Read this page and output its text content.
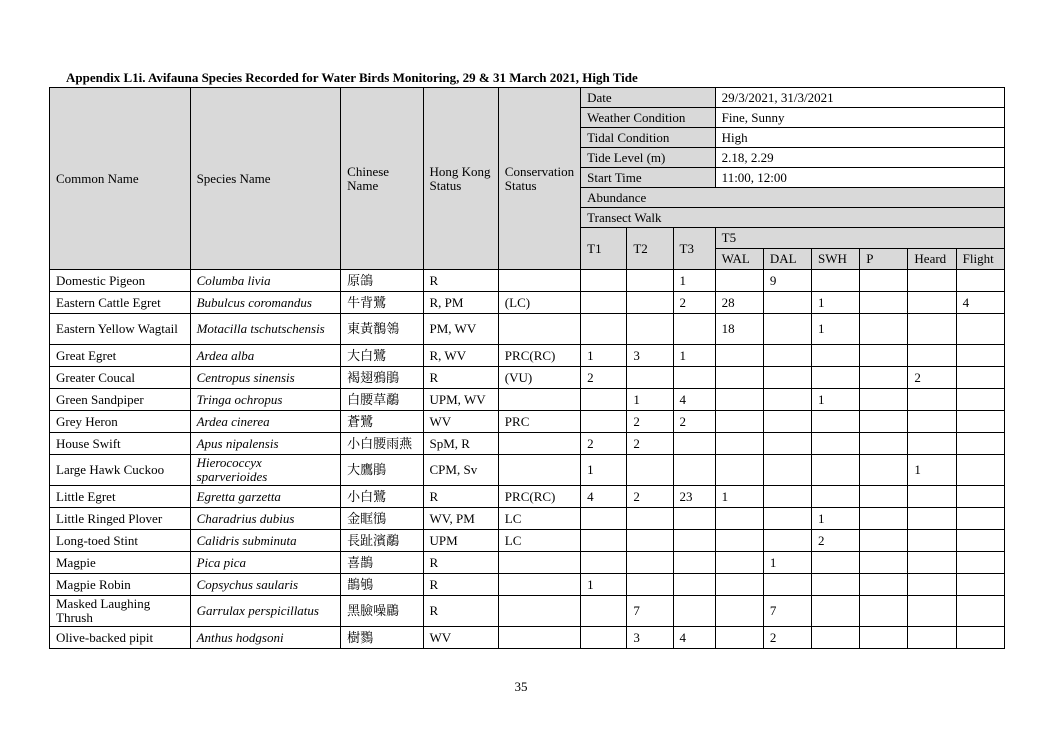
Appendix L1i. Avifauna Species Recorded for Water Birds Monitoring, 29 & 31 March 2021, High Tide
Common Name	Species Name	Chinese Name	Hong Kong Status	Conservation Status	Date			29/3/2021, 31/3/2021					
					Weather Condition			Fine, Sunny					
					Tidal Condition			High					
					Tide Level (m)			2.18, 2.29					
					Start Time			11:00, 12:00					
					Abundance								
					Transect Walk								
					T1	T2	T3	T5					
								WAL	DAL	SWH	P	Heard	Flight
Domestic Pigeon	Columba livia	原鴿	R				1		9				
Eastern Cattle Egret	Bubulcus coromandus	牛背鷺	R, PM	(LC)			2	28		1			4
Eastern Yellow Wagtail	Motacilla tschutschensis	東黃鶺鴒	PM, WV					18		1			
Great Egret	Ardea alba	大白鷺	R, WV	PRC(RC)	1	3	1						
Greater Coucal	Centropus sinensis	褐翅鴉鵑	R	(VU)	2							2	
Green Sandpiper	Tringa ochropus	白腰草鷸	UPM, WV			1	4			1			
Grey Heron	Ardea cinerea	蒼鷺	WV	PRC		2	2						
House Swift	Apus nipalensis	小白腰雨燕	SpM, R		2	2							
Large Hawk Cuckoo	Hierococcyx sparverioides	大鷹鵑	CPM, Sv		1							1	
Little Egret	Egretta garzetta	小白鷺	R	PRC(RC)	4	2	23	1					
Little Ringed Plover	Charadrius dubius	金眶鴴	WV, PM	LC						1			
Long-toed Stint	Calidris subminuta	長趾濱鷸	UPM	LC						2			
Magpie	Pica pica	喜鵲	R						1				
Magpie Robin	Copsychus saularis	鵲鴝	R		1								
Masked Laughing Thrush	Garrulax perspicillatus	黑臉噪鶥	R			7			7				
Olive-backed pipit	Anthus hodgsoni	樹鷚	WV			3	4		2				
35
